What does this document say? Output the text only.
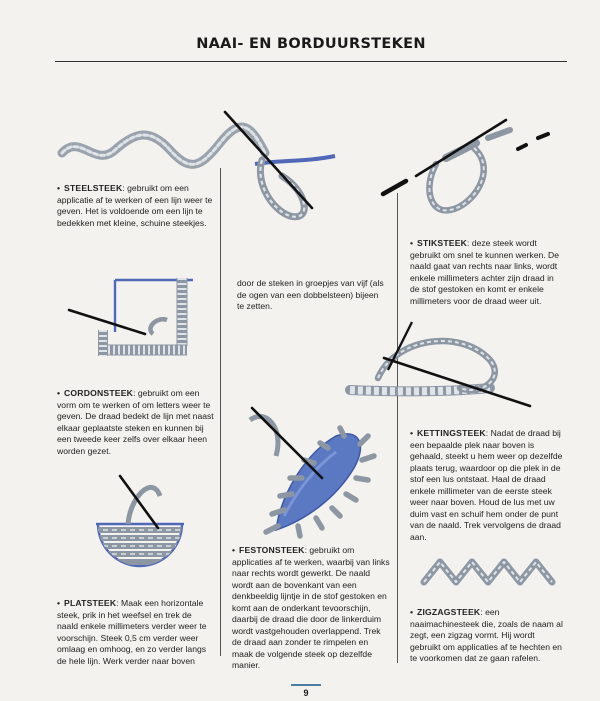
NAAI- EN BORDUURSTEKEN
• STEELSTEEK: gebruikt om een applicatie af te werken of een lijn weer te geven. Het is voldoende om een lijn te bedekken met kleine, schuine steekjes.
• STIKSTEEK: deze steek wordt gebruikt om snel te kunnen werken. De naald gaat van rechts naar links, wordt enkele millimeters achter zijn draad in de stof gestoken en komt er enkele millimeters voor de draad weer uit.
door de steken in groepjes van vijf (als de ogen van een dobbelsteen) bijeen te zetten.
• CORDONSTEEK: gebruikt om een vorm om te werken of om letters weer te geven. De draad bedekt de lijn met naast elkaar geplaatste steken en kunnen bij een tweede keer zelfs over elkaar heen worden gezet.
• KETTINGSTEEK: Nadat de draad bij een bepaalde plek naar boven is gehaald, steekt u hem weer op dezelfde plaats terug, waardoor op die plek in de stof een lus ontstaat. Haal de draad enkele millimeter van de eerste steek weer naar boven. Houd de lus met uw duim vast en schuif hem onder de punt van de naald. Trek vervolgens de draad aan.
• FESTONSTEEK: gebruikt om applicaties af te werken, waarbij van links naar rechts wordt gewerkt. De naald wordt aan de bovenkant van een denkbeeldig lijntje in de stof gestoken en komt aan de onderkant tevoorschijn, daarbij de draad die door de linkerduim wordt vastgehouden overlappend. Trek de draad aan zonder te rimpelen en maak de volgende steek op dezelfde manier.
• PLATSTEEK: Maak een horizontale steek, prik in het weefsel en trek de naald enkele millimeters verder weer te voorschijn. Steek 0,5 cm verder weer omlaag en omhoog, en zo verder langs de hele lijn. Werk verder naar boven
• ZIGZAGSTEEK: een naaimachinesteek die, zoals de naam al zegt, een zigzag vormt. Hij wordt gebruikt om applicaties af te hechten en te voorkomen dat ze gaan rafelen.
9
